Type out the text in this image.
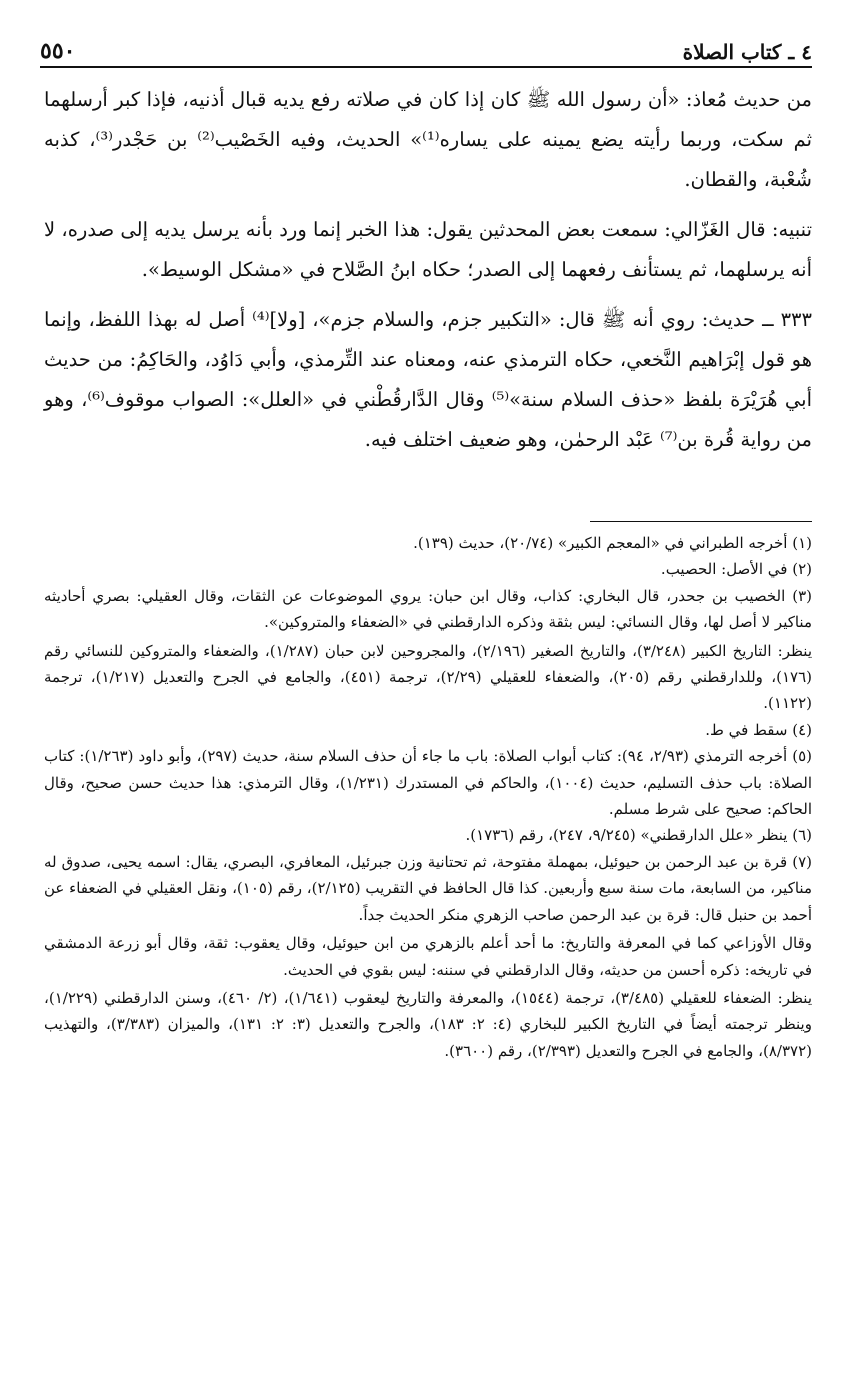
٤ ـ كتاب الصلاة
٥٥٠

من حديث مُعاذ: «أن رسول الله ﷺ كان إذا كان في صلاته رفع يديه قبال أذنيه، فإذا كبر أرسلهما ثم سكت، وربما رأيته يضع يمينه على يساره⁽¹⁾» الحديث، وفيه الخَصْيب⁽²⁾ بن حَجْدر⁽³⁾، كذبه شُعْبة، والقطان.

تنبيه: قال الغَزّالي: سمعت بعض المحدثين يقول: هذا الخبر إنما ورد بأنه يرسل يديه إلى صدره، لا أنه يرسلهما، ثم يستأنف رفعهما إلى الصدر؛ حكاه ابنُ الصَّلاح في «مشكل الوسيط».

٣٣٣ ــ حديث: روي أنه ﷺ قال: «التكبير جزم، والسلام جزم»، [ولا]⁽⁴⁾ أصل له بهذا اللفظ، وإنما هو قول إبْرَاهيم النَّخعي، حكاه الترمذي عنه، ومعناه عند التِّرمذي، وأبي دَاوُد، والحَاكِمُ: من حديث أبي هُرَيْرَة بلفظ «حذف السلام سنة»⁽⁵⁾ وقال الدَّارقُطْني في «العلل»: الصواب موقوف⁽⁶⁾، وهو من رواية قُرة بن⁽⁷⁾ عَبْد الرحمٰن، وهو ضعيف اختلف فيه.

(١) أخرجه الطبراني في «المعجم الكبير» (٢٠/٧٤)، حديث (١٣٩).

(٢) في الأصل: الحصيب.

(٣) الخصيب بن جحدر، قال البخاري: كذاب، وقال ابن حبان: يروي الموضوعات عن الثقات، وقال العقيلي: بصري أحاديثه مناكير لا أصل لها، وقال النسائي: ليس بثقة وذكره الدارقطني في «الضعفاء والمتروكين».

ينظر: التاريخ الكبير (٣/٢٤٨)، والتاريخ الصغير (٢/١٩٦)، والمجروحين لابن حبان (١/٢٨٧)، والضعفاء والمتروكين للنسائي رقم (١٧٦)، وللدارقطني رقم (٢٠٥)، والضعفاء للعقيلي (٢/٢٩)، ترجمة (٤٥١)، والجامع في الجرح والتعديل (١/٢١٧)، ترجمة (١١٢٢).

(٤) سقط في ط.

(٥) أخرجه الترمذي (٢/٩٣، ٩٤): كتاب أبواب الصلاة: باب ما جاء أن حذف السلام سنة، حديث (٢٩٧)، وأبو داود (١/٢٦٣): كتاب الصلاة: باب حذف التسليم، حديث (١٠٠٤)، والحاكم في المستدرك (١/٢٣١)، وقال الترمذي: هذا حديث حسن صحيح، وقال الحاكم: صحيح على شرط مسلم.

(٦) ينظر «علل الدارقطني» (٩/٢٤٥، ٢٤٧)، رقم (١٧٣٦).

(٧) قرة بن عبد الرحمن بن حيوئيل، بمهملة مفتوحة، ثم تحتانية وزن جبرئيل، المعافري، البصري، يقال: اسمه يحيى، صدوق له مناكير، من السابعة، مات سنة سبع وأربعين. كذا قال الحافظ في التقريب (٢/١٢٥)، رقم (١٠٥)، ونقل العقيلي في الضعفاء عن أحمد بن حنبل قال: قرة بن عبد الرحمن صاحب الزهري منكر الحديث جداً.

وقال الأوزاعي كما في المعرفة والتاريخ: ما أحد أعلم بالزهري من ابن حيوئيل، وقال يعقوب: ثقة، وقال أبو زرعة الدمشقي في تاريخه: ذكره أحسن من حديثه، وقال الدارقطني في سننه: ليس بقوي في الحديث.

ينظر: الضعفاء للعقيلي (٣/٤٨٥)، ترجمة (١٥٤٤)، والمعرفة والتاريخ ليعقوب (١/٦٤١)، (٢/ ٤٦٠)، وسنن الدارقطني (١/٢٢٩)، وينظر ترجمته أيضاً في التاريخ الكبير للبخاري (٤: ٢: ١٨٣)، والجرح والتعديل (٣: ٢: ١٣١)، والميزان (٣/٣٨٣)، والتهذيب (٨/٣٧٢)، والجامع في الجرح والتعديل (٢/٣٩٣)، رقم (٣٦٠٠).
